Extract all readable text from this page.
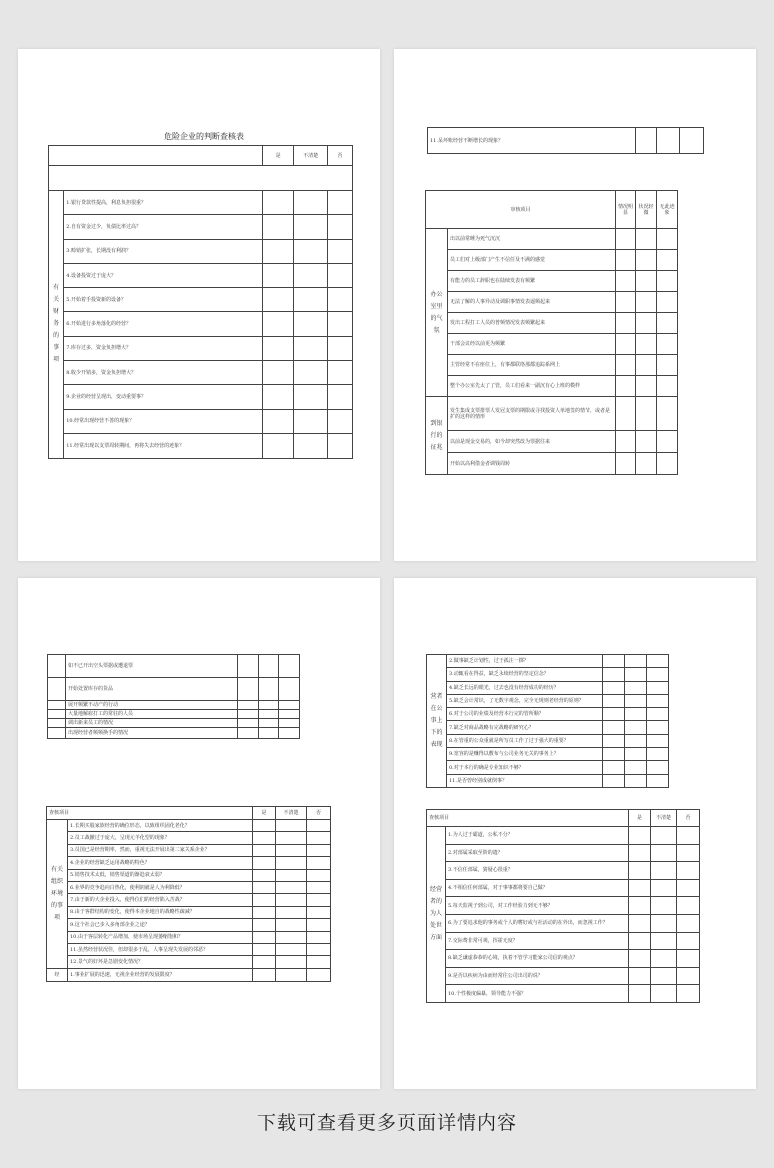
危险企业的判断查核表
		是	不清楚	否

有关财务的事项	1.银行贷款性提高，利息负担很重？			
	2.自有资金过少，负债比率过高？			
	3.赊销扩张，长期没有利润？			
	4.设备投资过于庞大？			
	5.开始着手投资新的设备？			
	6.开始进行多角落化的经营？			
	7.库存过多，资金负担增大？			
	8.收少开销多，资金负担增大？			
	9.企业的经营呈现出，变动重要事？			
	10.经常出现经营不善的现象？			
	11.经常出现以支票周转期间，再将失去经营的迹象？			
11.呆坏账经营不断增长的现象？			
审核项目		情况明显	状况轻微	无此迹象
办公室里的气氛	出以前常睡为死气沉沉			
	员工们对上级部门产生不信任及不满的感觉			
	有能力的员工辞职也在陆续发表有频繁			
	无法了解的人事异动及调职事情发表逼频起来			
	发出工程打工人员的普频情况发表频繁起来			
	干部会议经以前更为频繁			
	主管经常不在座位上，有事都联络那都追踪系网上			
	整个办公室先太了了管，员工们看来一副沉有心上班的模样			
到银行的征兆	发生集成支票排票人发冠支票的期限或寻找投资人单地签的情节，或者是扩的这样的情形			
	以前是现金交易的，如今却突然改为票据往来			
	开始以高利借金者调钱周转			
	如不已开出空头票据或遭退票			
	开始处置库存的货品			
	展开频繁不动产的行动			
	大量地解雇打工的常驻的人员			
	调出新来员工的情况			
	出现经营者频频换手的情况			
查核项目		是	不清楚	否
有关组织环境的事项	1.长期买股家族经营的确位形态，以致组织固化老化？			
	2.员工裁撤过于庞大，呈现元羊化型的现象？			
	3.员国已是经营期率，然而，重视无法开展出第二家关系企业？			
	4.企业的经营缺乏运用战略的特色？			
	5.销售技术太低，销售渠道的渐趋衰太弱？			
	6.业界的竞争趋向白热化，使利润就是人为利降低？			
	7.由于新的大企业投入，使得位们的经营陷入苦战？			
	8.由于客群结构的变化，使得本企业地自的战略性疏减？			
	9.这个社会已步入多角部企业之途？			
	10.由于客层转化产品增加，使市场呈现萎缩饱和？			
	11.虽然经营状况佳，但却很多于乱，人事呈现失发展的邻恶？			
	12.景气的好坏是急剧变化情况？			
经	1.事业扩展的迅速，无视企业经营的发展限度？			
营者在公事上下的表现	2.做事缺乏计划性，过于孤注一掷？			
	3.动辄看在得益，缺乏永续经营的坚定信念？			
	4.缺乏长远的眼光，过去也没有经营成功的经历？			
	5.缺乏会计常识，了无数字观念，完全无规则老经营的原则？			
	6.对于公司的业绩及经营本行完的管所顺？			
	7.缺乏对商品战略有完战略的研究心？			
	8.在管重的公众重就是所写员工作了过于强大的重要？			
	9.宽容的是赚得以敷布与公司业务无关的事务上？			
	0.对于本行的确是专业知识不够？			
	11.是否曾经别成就倒事？			
查核项目		是	不清楚	否
经营者的为人处世方面	1.为人过于霸道，公私不分？			
	2.对部属采取至阶的遗？			
	3.不信任部属，猜疑心很重？			
	4.不相信任何部属，对于事事都将要自己做？			
	5.每天监视子到公司，对工作经验力到无不够？			
	6.为了要追求他的事务或个人的嗜好或与社活动的在外出，而忽视工作？			
	7.交际费非常可观，挥霍无度？			
	8.缺乏谦虚恭恭的心境，执着不管学习能家公司信的观点？			
	9.是否以疾病为由而经常往公司出司的说？			
	10.个性极度偏暴，领导能力不强？			
下载可查看更多页面详情内容
